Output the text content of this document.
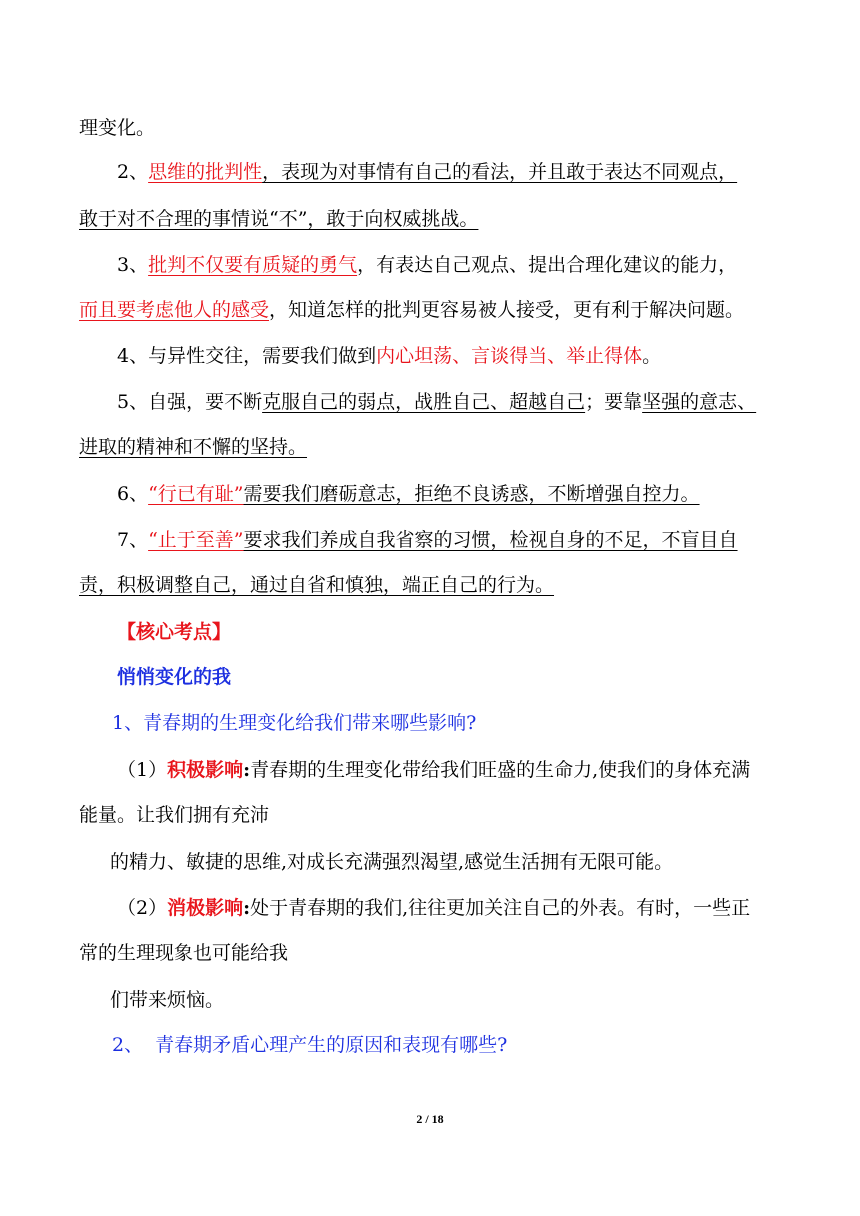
理变化。
2、思维的批判性，表现为对事情有自己的看法，并且敢于表达不同观点，
敢于对不合理的事情说“不”，敢于向权威挑战。
3、批判不仅要有质疑的勇气，有表达自己观点、提出合理化建议的能力，
而且要考虑他人的感受，知道怎样的批判更容易被人接受，更有利于解决问题。
4、与异性交往，需要我们做到内心坦荡、言谈得当、举止得体。
5、自强，要不断克服自己的弱点，战胜自己、超越自己；要靠坚强的意志、
进取的精神和不懈的坚持。
6、“行已有耻”需要我们磨砺意志，拒绝不良诱惑，不断增强自控力。
7、“止于至善”要求我们养成自我省察的习惯，检视自身的不足，不盲目自
责，积极调整自己，通过自省和慎独，端正自己的行为。
【核心考点】
悄悄变化的我
1、青春期的生理变化给我们带来哪些影响?
（1）积极影响:青春期的生理变化带给我们旺盛的生命力,使我们的身体充满
能量。让我们拥有充沛
的精力、敏捷的思维,对成长充满强烈渴望,感觉生活拥有无限可能。
（2）消极影响:处于青春期的我们,往往更加关注自己的外表。有时，一些正
常的生理现象也可能给我
们带来烦恼。
2、  青春期矛盾心理产生的原因和表现有哪些?
2 / 18
